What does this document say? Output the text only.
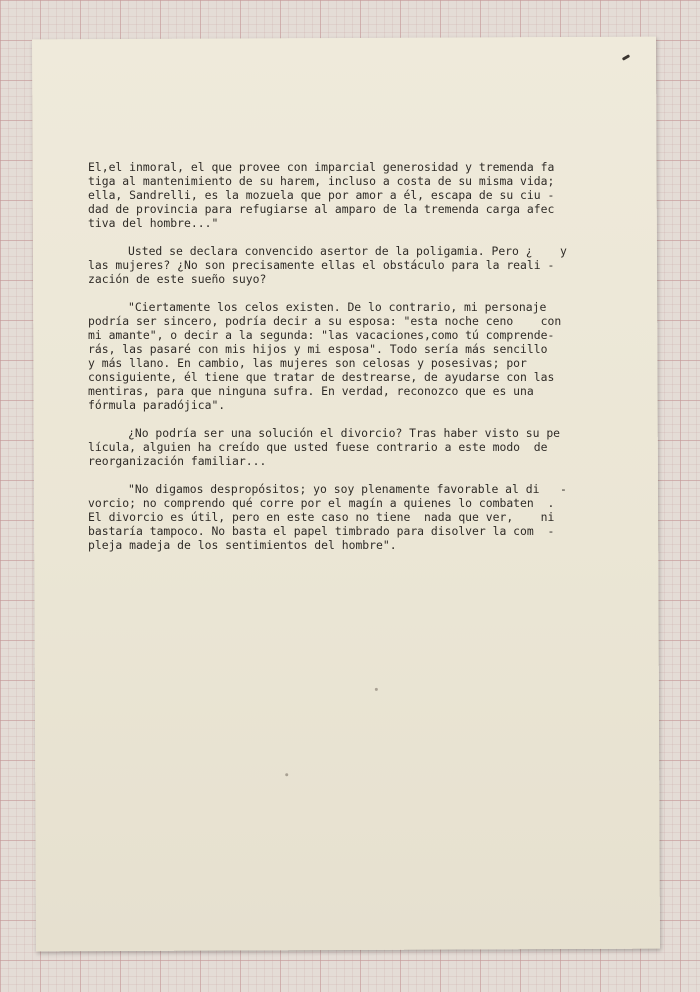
El,el inmoral, el que provee con imparcial generosidad y tremenda fa
tiga al mantenimiento de su harem, incluso a costa de su misma vida;
ella, Sandrelli, es la mozuela que por amor a él, escapa de su ciu -
dad de provincia para refugiarse al amparo de la tremenda carga afec
tiva del hombre..."
Usted se declara convencido asertor de la poligamia. Pero ¿    y
las mujeres? ¿No son precisamente ellas el obstáculo para la reali -
zación de este sueño suyo?
"Ciertamente los celos existen. De lo contrario, mi personaje
podría ser sincero, podría decir a su esposa: "esta noche ceno    con
mi amante", o decir a la segunda: "las vacaciones,como tú comprende-
rás, las pasaré con mis hijos y mi esposa". Todo sería más sencillo
y más llano. En cambio, las mujeres son celosas y posesivas; por
consiguiente, él tiene que tratar de destrearse, de ayudarse con las
mentiras, para que ninguna sufra. En verdad, reconozco que es una
fórmula paradójica".
¿No podría ser una solución el divorcio? Tras haber visto su pe
lícula, alguien ha creído que usted fuese contrario a este modo  de
reorganización familiar...
"No digamos despropósitos; yo soy plenamente favorable al di   -
vorcio; no comprendo qué corre por el magín a quienes lo combaten  .
El divorcio es útil, pero en este caso no tiene  nada que ver,    ni
bastaría tampoco. No basta el papel timbrado para disolver la com  -
pleja madeja de los sentimientos del hombre".
